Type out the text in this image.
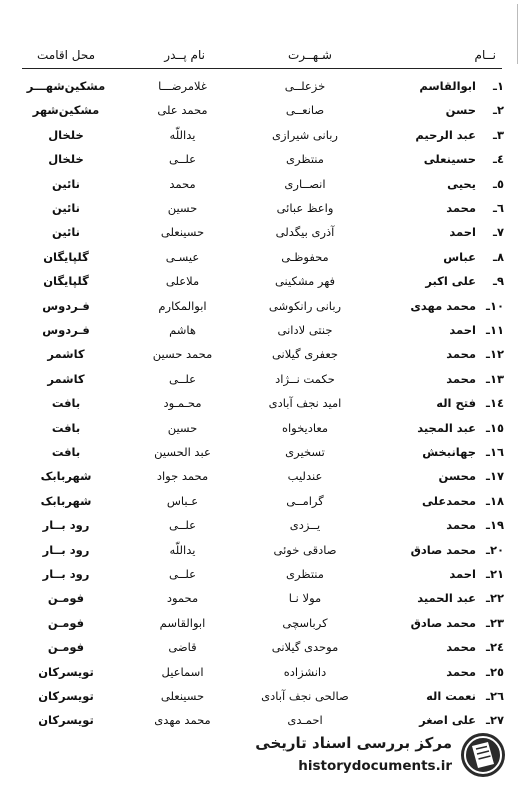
نــام
شـهــرت
نام پــدر
محل اقامت
١ـ
ابوالقاسم
خزعلــی
غلامرضـــا
مشکین‌شهـــر
٢ـ
حسن
صانعــی
محمد علی
مشکین‌شهر
٣ـ
عبد الرحیم
ربانی شیرازی
یداللّه
خلخال
٤ـ
حسینعلی
منتظری
علــی
خلخال
٥ـ
یحیی
انصــاری
محمد
نائین
٦ـ
محمد
واعظ عبائی
حسین
نائین
٧ـ
احمد
آذری بیگدلی
حسینعلی
نائین
٨ـ
عباس
محفوظـی
عیسـی
گلپایگان
٩ـ
علی اکبر
فهر مشکینی
ملاعلی
گلپایگان
١٠ـ
محمد مهدی
ربانی رانکوشی
ابوالمکارم
فـردوس
١١ـ
احمد
جنتی لادانی
هاشم
فـردوس
١٢ـ
محمد
جعفری گیلانی
محمد حسین
کاشمر
١٣ـ
محمد
حکمت نــژاد
علــی
کاشمر
١٤ـ
فتح اله
امید نجف آبادی
محـمـود
بافت
١٥ـ
عبد المجید
معادیخواه
حسین
بافت
١٦ـ
جهانبخش
تسخیری
عبد الحسین
بافت
١٧ـ
محسن
عندلیب
محمد جواد
شهربابک
١٨ـ
محمدعلی
گرامــی
عـباس
شهربابک
١٩ـ
محمد
یــزدی
علــی
رود بــار
٢٠ـ
محمد صادق
صادقی خوئی
یداللّه
رود بــار
٢١ـ
احمد
منتظری
علــی
رود بــار
٢٢ـ
عبد الحمید
مولا نـا
محمود
فومـن
٢٣ـ
محمد صادق
کرباسچی
ابوالقاسم
فومـن
٢٤ـ
محمد
موحدی گیلانی
قاضی
فومـن
٢٥ـ
محمد
دانشزاده
اسماعیل
تویسرکان
٢٦ـ
نعمت اله
صالحی نجف آبادی
حسینعلی
تویسرکان
٢٧ـ
علی اصغر
احمـدی
محمد مهدی
تویسرکان
مرکز بررسی اسناد تاریخی
historydocuments.ir
